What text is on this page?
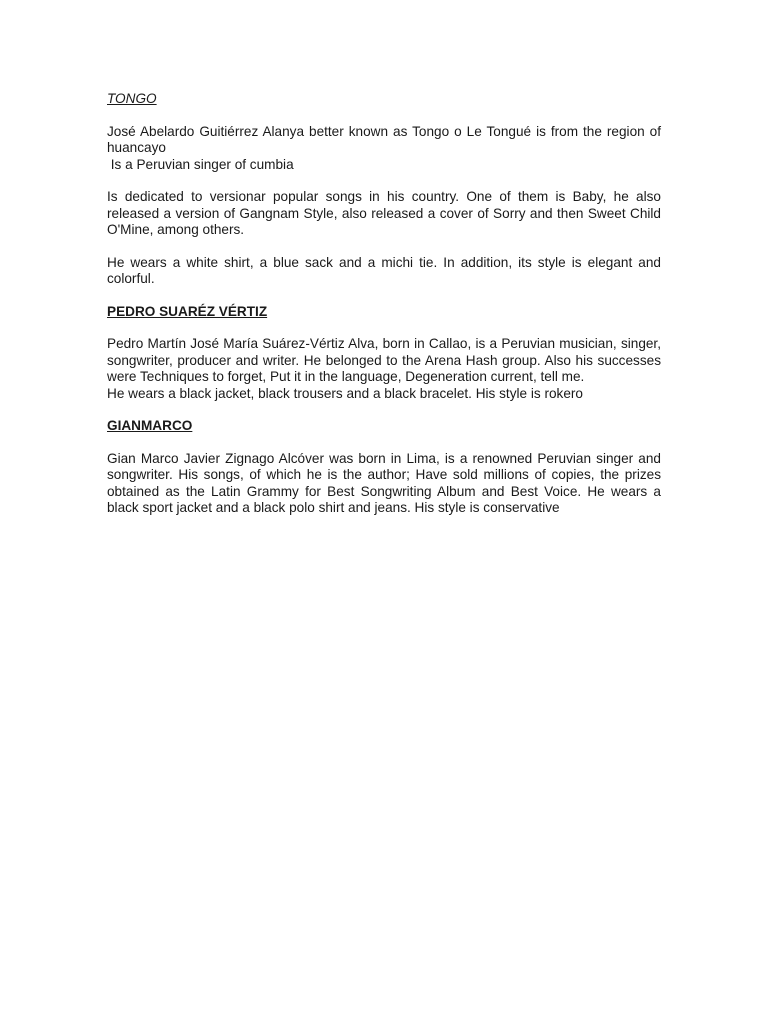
TONGO
José Abelardo Guitiérrez Alanya better known as Tongo o Le Tongué is from the region of huancayo
Is a Peruvian singer of cumbia
Is dedicated to versionar popular songs in his country. One of them is Baby, he also released a version of Gangnam Style, also released a cover of Sorry and then Sweet Child O'Mine, among others.
He wears a white shirt, a blue sack and a michi tie. In addition, its style is elegant and colorful.
PEDRO SUARÉZ VÉRTIZ
Pedro Martín José María Suárez-Vértiz Alva, born in Callao, is a Peruvian musician, singer, songwriter, producer and writer. He belonged to the Arena Hash group. Also his successes were Techniques to forget, Put it in the language, Degeneration current, tell me.
He wears a black jacket, black trousers and a black bracelet. His style is rokero
GIANMARCO
Gian Marco Javier Zignago Alcóver was born in Lima, is a renowned Peruvian singer and songwriter. His songs, of which he is the author; Have sold millions of copies, the prizes obtained as the Latin Grammy for Best Songwriting Album and Best Voice. He wears a black sport jacket and a black polo shirt and jeans. His style is conservative
